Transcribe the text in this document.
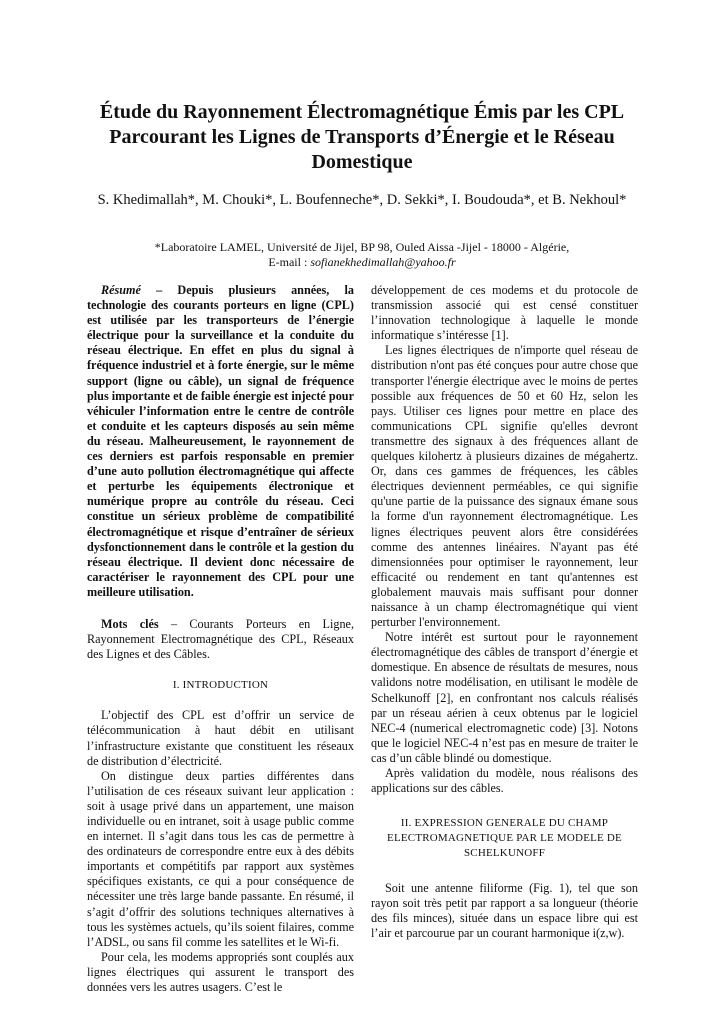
Étude du Rayonnement Électromagnétique Émis par les CPL Parcourant les Lignes de Transports d’Énergie et le Réseau Domestique

S. Khedimallah*, M. Chouki*, L. Boufenneche*, D. Sekki*, I. Boudouda*, et B. Nekhoul*

*Laboratoire LAMEL, Université de Jijel, BP 98, Ouled Aissa -Jijel - 18000 - Algérie,
E-mail : sofianekhedimallah@yahoo.fr

Résumé – Depuis plusieurs années, la technologie des courants porteurs en ligne (CPL) est utilisée par les transporteurs de l’énergie électrique pour la surveillance et la conduite du réseau électrique. En effet en plus du signal à fréquence industriel et à forte énergie, sur le même support (ligne ou câble), un signal de fréquence plus importante et de faible énergie est injecté pour véhiculer l’information entre le centre de contrôle et conduite et les capteurs disposés au sein même du réseau. Malheureusement, le rayonnement de ces derniers est parfois responsable en premier d’une auto pollution électromagnétique qui affecte et perturbe les équipements électronique et numérique propre au contrôle du réseau. Ceci constitue un sérieux problème de compatibilité électromagnétique et risque d’entraîner de sérieux dysfonctionnement dans le contrôle et la gestion du réseau électrique. Il devient donc nécessaire de caractériser le rayonnement des CPL pour une meilleure utilisation.

Mots clés – Courants Porteurs en Ligne, Rayonnement Electromagnétique des CPL, Réseaux des Lignes et des Câbles.

I. INTRODUCTION

L’objectif des CPL est d’offrir un service de télécommunication à haut débit en utilisant l’infrastructure existante que constituent les réseaux de distribution d’électricité.

On distingue deux parties différentes dans l’utilisation de ces réseaux suivant leur application : soit à usage privé dans un appartement, une maison individuelle ou en intranet, soit à usage public comme en internet. Il s’agit dans tous les cas de permettre à des ordinateurs de correspondre entre eux à des débits importants et compétitifs par rapport aux systèmes spécifiques existants, ce qui a pour conséquence de nécessiter une très large bande passante. En résumé, il s’agit d’offrir des solutions techniques alternatives à tous les systèmes actuels, qu’ils soient filaires, comme l’ADSL, ou sans fil comme les satellites et le Wi-fi.

Pour cela, les modems appropriés sont couplés aux lignes électriques qui assurent le transport des données vers les autres usagers. C’est le

développement de ces modems et du protocole de transmission associé qui est censé constituer l’innovation technologique à laquelle le monde informatique s’intéresse [1].

Les lignes électriques de n'importe quel réseau de distribution n'ont pas été conçues pour autre chose que transporter l'énergie électrique avec le moins de pertes possible aux fréquences de 50 et 60 Hz, selon les pays. Utiliser ces lignes pour mettre en place des communications CPL signifie qu'elles devront transmettre des signaux à des fréquences allant de quelques kilohertz à plusieurs dizaines de mégahertz. Or, dans ces gammes de fréquences, les câbles électriques deviennent perméables, ce qui signifie qu'une partie de la puissance des signaux émane sous la forme d'un rayonnement électromagnétique. Les lignes électriques peuvent alors être considérées comme des antennes linéaires. N'ayant pas été dimensionnées pour optimiser le rayonnement, leur efficacité ou rendement en tant qu'antennes est globalement mauvais mais suffisant pour donner naissance à un champ électromagnétique qui vient perturber l'environnement.

Notre intérêt est surtout pour le rayonnement électromagnétique des câbles de transport d’énergie et domestique. En absence de résultats de mesures, nous validons notre modélisation, en utilisant le modèle de Schelkunoff [2], en confrontant nos calculs réalisés par un réseau aérien à ceux obtenus par le logiciel NEC-4 (numerical electromagnetic code) [3]. Notons que le logiciel NEC-4 n’est pas en mesure de traiter le cas d’un câble blindé ou domestique.

Après validation du modèle, nous réalisons des applications sur des câbles.

II. EXPRESSION GENERALE DU CHAMP
ELECTROMAGNETIQUE PAR LE MODELE DE
SCHELKUNOFF

Soit une antenne filiforme (Fig. 1), tel que son rayon soit très petit par rapport a sa longueur (théorie des fils minces), située dans un espace libre qui est l’air et parcourue par un courant harmonique i(z,w).
